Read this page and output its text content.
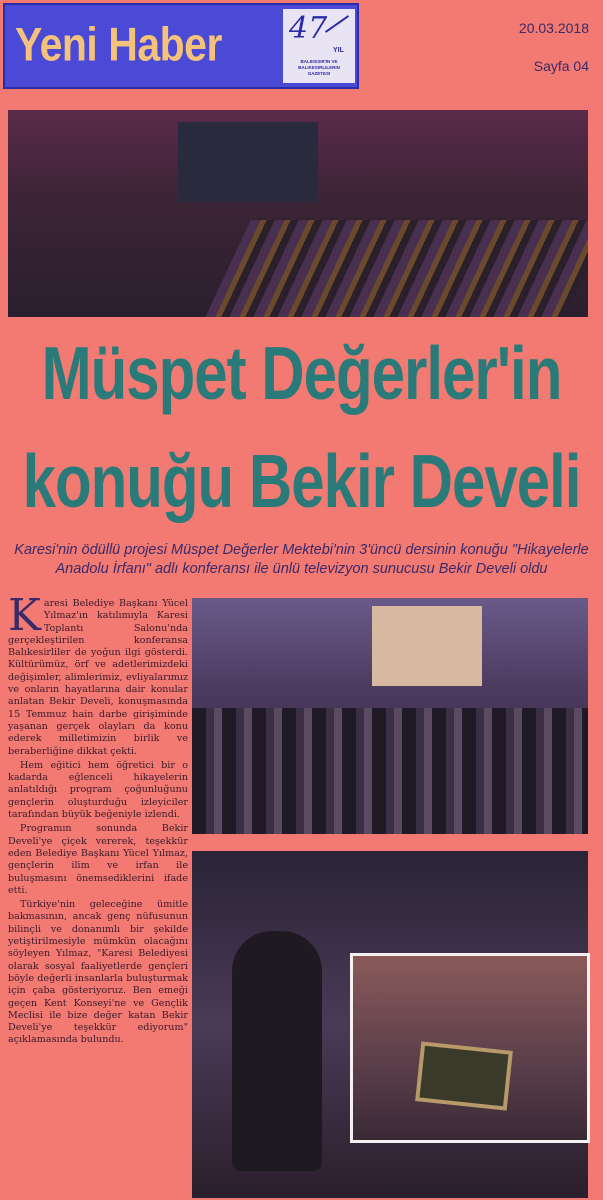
Yeni Haber 47
YIL
BALIKESIR'IN VE BALIKESIRLILERIN GAZETESI
20.03.2018
Sayfa 04
Müspet Değerler'in
konuğu Bekir Develi
Karesi'nin ödüllü projesi Müspet Değerler Mektebi'nin 3'üncü dersinin konuğu "Hikayelerle Anadolu İrfanı" adlı konferansı ile ünlü televizyon sunucusu Bekir Develi oldu

Karesi Belediye Başkanı Yücel Yılmaz'ın katılımıyla Karesi Toplantı Salonu'nda gerçekleştirilen konferansa Balıkesirliler de yoğun ilgi gösterdi. Kültürümüz, örf ve adetlerimizdeki değişimler, alimlerimiz, evliyalarımız ve onların hayatlarına dair konular anlatan Bekir Develi, konuşmasında 15 Temmuz hain darbe girişiminde yaşanan gerçek olayları da konu ederek milletimizin birlik ve beraberliğine dikkat çekti.

Hem eğitici hem öğretici bir o kadarda eğlenceli hikayelerin anlatıldığı program çoğunluğunu gençlerin oluşturduğu izleyiciler tarafından büyük beğeniyle izlendi.

Programın sonunda Bekir Develi'ye çiçek vererek, teşekkür eden Belediye Başkanı Yücel Yılmaz, gençlerin ilim ve irfan ile buluşmasını önemsediklerini ifade etti.

Türkiye'nin geleceğine ümitle bakmasının, ancak genç nüfusunun bilinçli ve donanımlı bir şekilde yetiştirilmesiyle mümkün olacağını söyleyen Yılmaz, "Karesi Belediyesi olarak sosyal faaliyetlerde gençleri böyle değerli insanlarla buluşturmak için çaba gösteriyoruz. Ben emeği geçen Kent Konseyi'ne ve Gençlik Meclisi ile bize değer katan Bekir Develi'ye teşekkür ediyorum" açıklamasında bulundu.
